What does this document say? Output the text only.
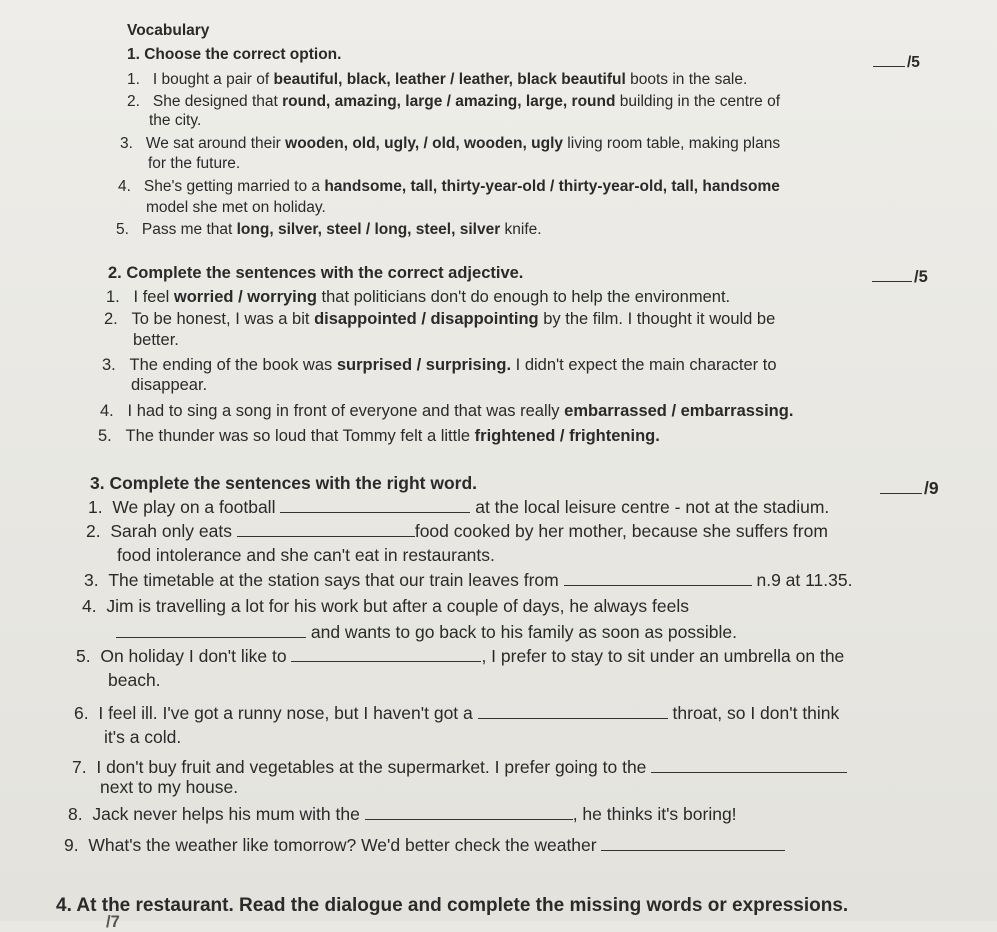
Vocabulary
1. Choose the correct option.	/5
1. I bought a pair of beautiful, black, leather / leather, black beautiful boots in the sale.
2. She designed that round, amazing, large / amazing, large, round building in the centre of
the city.
3. We sat around their wooden, old, ugly, / old, wooden, ugly living room table, making plans
for the future.
4. She's getting married to a handsome, tall, thirty-year-old / thirty-year-old, tall, handsome
model she met on holiday.
5. Pass me that long, silver, steel / long, steel, silver knife.
2. Complete the sentences with the correct adjective.	/5
1. I feel worried / worrying that politicians don't do enough to help the environment.
2. To be honest, I was a bit disappointed / disappointing by the film. I thought it would be
better.
3. The ending of the book was surprised / surprising. I didn't expect the main character to
disappear.
4. I had to sing a song in front of everyone and that was really embarrassed / embarrassing.
5. The thunder was so loud that Tommy felt a little frightened / frightening.
3. Complete the sentences with the right word.	/9
1. We play on a football	at the local leisure centre - not at the stadium.
2. Sarah only eats	food cooked by her mother, because she suffers from
food intolerance and she can't eat in restaurants.
3. The timetable at the station says that our train leaves from	n.9 at 11.35.
4. Jim is travelling a lot for his work but after a couple of days, he always feels
and wants to go back to his family as soon as possible.
5. On holiday I don't like to	, I prefer to stay to sit under an umbrella on the
beach.
6. I feel ill. I've got a runny nose, but I haven't got a	throat, so I don't think
it's a cold.
7. I don't buy fruit and vegetables at the supermarket. I prefer going to the
next to my house.
8. Jack never helps his mum with the	, he thinks it's boring!
9. What's the weather like tomorrow? We'd better check the weather
4. At the restaurant. Read the dialogue and complete the missing words or expressions.
/7
